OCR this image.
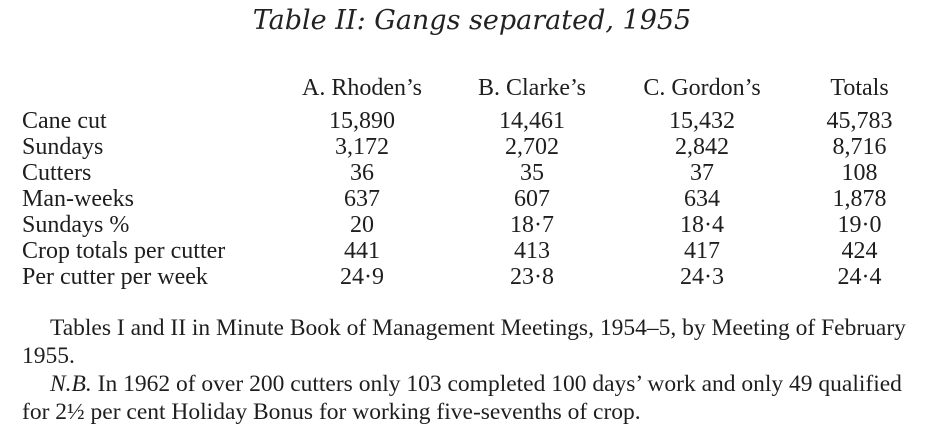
Table II: Gangs separated, 1955
	A. Rhoden’s	B. Clarke’s	C. Gordon’s	Totals
Cane cut	15,890	14,461	15,432	45,783
Sundays	3,172	2,702	2,842	8,716
Cutters	36	35	37	108
Man-weeks	637	607	634	1,878
Sundays %	20	18·7	18·4	19·0
Crop totals per cutter	441	413	417	424
Per cutter per week	24·9	23·8	24·3	24·4

Tables I and II in Minute Book of Management Meetings, 1954–5, by Meeting of February 1955.

N.B. In 1962 of over 200 cutters only 103 completed 100 days’ work and only 49 qualified for 2½ per cent Holiday Bonus for working five-sevenths of crop.
